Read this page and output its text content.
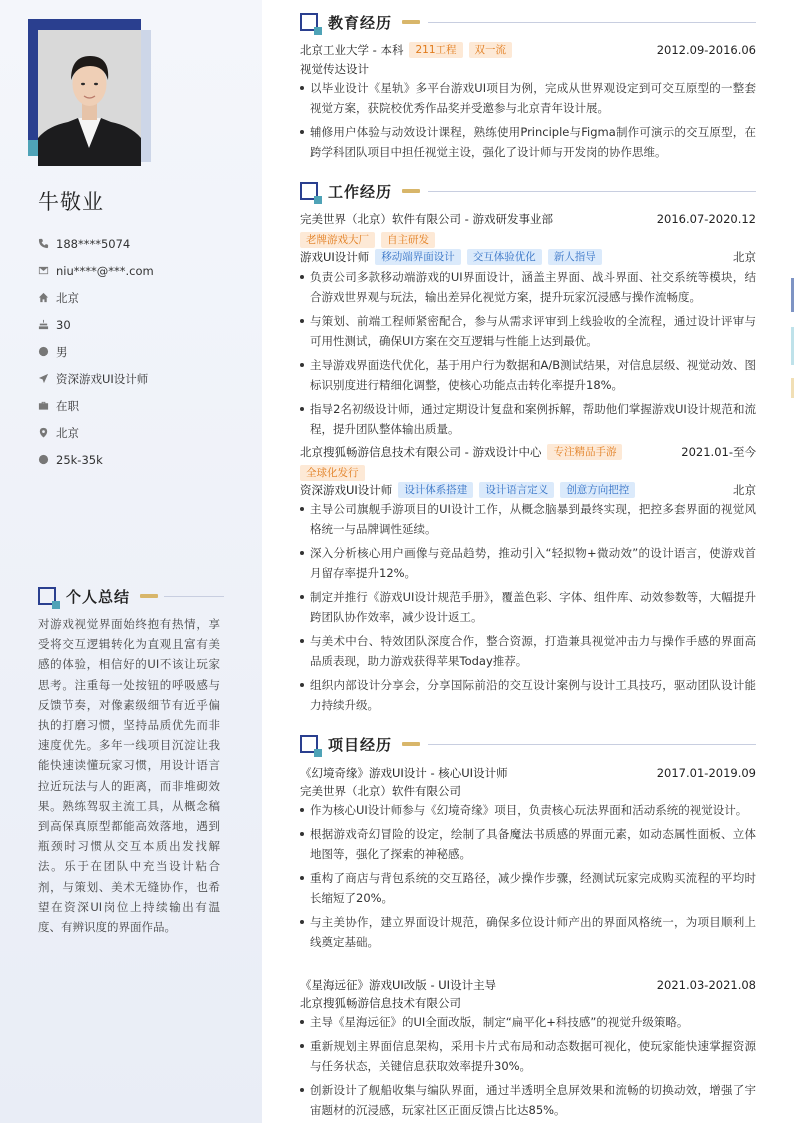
牛敬业
188****5074
niu****@***.com
北京
30
男
资深游戏UI设计师
在职
北京
25k-35k
个人总结
对游戏视觉界面始终抱有热情，享受将交互逻辑转化为直观且富有美感的体验，相信好的UI不该让玩家思考。注重每一处按钮的呼吸感与反馈节奏，对像素级细节有近乎偏执的打磨习惯，坚持品质优先而非速度优先。多年一线项目沉淀让我能快速读懂玩家习惯，用设计语言拉近玩法与人的距离，而非堆砌效果。熟练驾驭主流工具，从概念稿到高保真原型都能高效落地，遇到瓶颈时习惯从交互本质出发找解法。乐于在团队中充当设计粘合剂，与策划、美术无缝协作，也希望在资深UI岗位上持续输出有温度、有辨识度的界面作品。
教育经历
北京工业大学 - 本科	211工程	双一流	2012.09-2016.06
视觉传达设计
以毕业设计《星轨》多平台游戏UI项目为例，完成从世界观设定到可交互原型的一整套视觉方案，获院校优秀作品奖并受邀参与北京青年设计展。
辅修用户体验与动效设计课程，熟练使用Principle与Figma制作可演示的交互原型，在跨学科团队项目中担任视觉主设，强化了设计师与开发岗的协作思维。
工作经历
完美世界（北京）软件有限公司 - 游戏研发事业部	2016.07-2020.12
老牌游戏大厂	自主研发
游戏UI设计师	移动端界面设计	交互体验优化	新人指导	北京
负责公司多款移动端游戏的UI界面设计，涵盖主界面、战斗界面、社交系统等模块，结合游戏世界观与玩法，输出差异化视觉方案，提升玩家沉浸感与操作流畅度。
与策划、前端工程师紧密配合，参与从需求评审到上线验收的全流程，通过设计评审与可用性测试，确保UI方案在交互逻辑与性能上达到最优。
主导游戏界面迭代优化，基于用户行为数据和A/B测试结果，对信息层级、视觉动效、图标识别度进行精细化调整，使核心功能点击转化率提升18%。
指导2名初级设计师，通过定期设计复盘和案例拆解，帮助他们掌握游戏UI设计规范和流程，提升团队整体输出质量。
北京搜狐畅游信息技术有限公司 - 游戏设计中心	专注精品手游	2021.01-至今
全球化发行
资深游戏UI设计师	设计体系搭建	设计语言定义	创意方向把控	北京
主导公司旗舰手游项目的UI设计工作，从概念脑暴到最终实现，把控多套界面的视觉风格统一与品牌调性延续。
深入分析核心用户画像与竞品趋势，推动引入“轻拟物+微动效”的设计语言，使游戏首月留存率提升12%。
制定并推行《游戏UI设计规范手册》，覆盖色彩、字体、组件库、动效参数等，大幅提升跨团队协作效率，减少设计返工。
与美术中台、特效团队深度合作，整合资源，打造兼具视觉冲击力与操作手感的界面高品质表现，助力游戏获得苹果Today推荐。
组织内部设计分享会，分享国际前沿的交互设计案例与设计工具技巧，驱动团队设计能力持续升级。
项目经历
《幻境奇缘》游戏UI设计 - 核心UI设计师	2017.01-2019.09
完美世界（北京）软件有限公司
作为核心UI设计师参与《幻境奇缘》项目，负责核心玩法界面和活动系统的视觉设计。
根据游戏奇幻冒险的设定，绘制了具备魔法书质感的界面元素，如动态属性面板、立体地图等，强化了探索的神秘感。
重构了商店与背包系统的交互路径，减少操作步骤，经测试玩家完成购买流程的平均时长缩短了20%。
与主美协作，建立界面设计规范，确保多位设计师产出的界面风格统一，为项目顺利上线奠定基础。
《星海远征》游戏UI改版 - UI设计主导	2021.03-2021.08
北京搜狐畅游信息技术有限公司
主导《星海远征》的UI全面改版，制定“扁平化+科技感”的视觉升级策略。
重新规划主界面信息架构，采用卡片式布局和动态数据可视化，使玩家能快速掌握资源与任务状态，关键信息获取效率提升30%。
创新设计了舰船收集与编队界面，通过半透明全息屏效果和流畅的切换动效，增强了宇宙题材的沉浸感，玩家社区正面反馈占比达85%。
